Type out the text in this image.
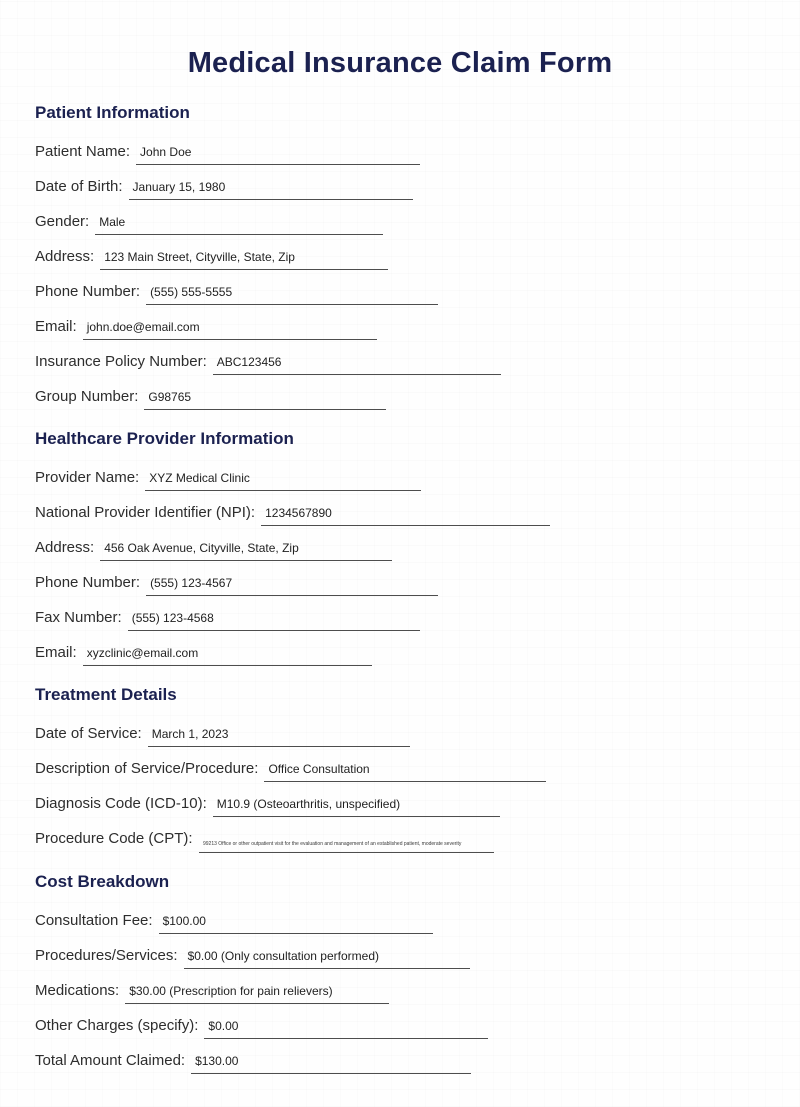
Medical Insurance Claim Form
Patient Information
Patient Name: John Doe
Date of Birth: January 15, 1980
Gender: Male
Address: 123 Main Street, Cityville, State, Zip
Phone Number: (555) 555-5555
Email: john.doe@email.com
Insurance Policy Number: ABC123456
Group Number: G98765
Healthcare Provider Information
Provider Name: XYZ Medical Clinic
National Provider Identifier (NPI): 1234567890
Address: 456 Oak Avenue, Cityville, State, Zip
Phone Number: (555) 123-4567
Fax Number: (555) 123-4568
Email: xyzclinic@email.com
Treatment Details
Date of Service: March 1, 2023
Description of Service/Procedure: Office Consultation
Diagnosis Code (ICD-10): M10.9 (Osteoarthritis, unspecified)
Procedure Code (CPT):	99213 Office or other outpatient visit for the evaluation and management of an established patient, moderate severity
Cost Breakdown
Consultation Fee: $100.00
Procedures/Services: $0.00 (Only consultation performed)
Medications: $30.00 (Prescription for pain relievers)
Other Charges (specify): $0.00
Total Amount Claimed: $130.00
